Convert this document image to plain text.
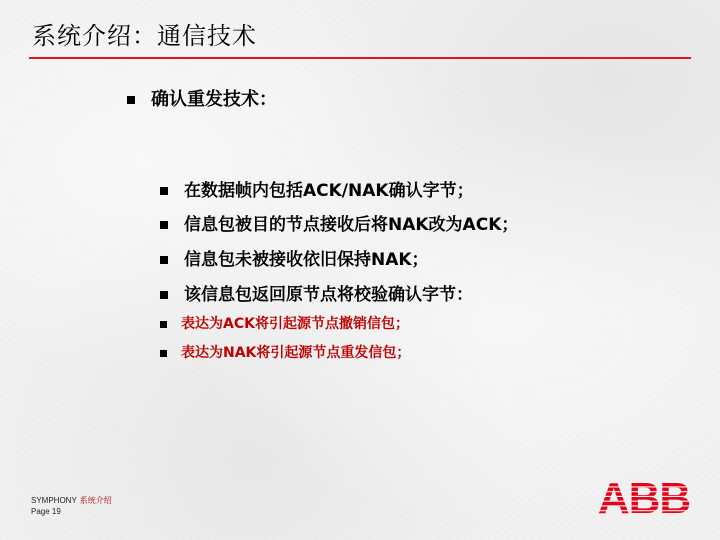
系统介绍：通信技术
确认重发技术：
在数据帧内包括ACK/NAK确认字节；
信息包被目的节点接收后将NAK改为ACK；
信息包未被接收依旧保持NAK；
该信息包返回原节点将校验确认字节：
表达为ACK将引起源节点撤销信包；
表达为NAK将引起源节点重发信包；
SYMPHONY 系统介绍
Page 19	ABB
